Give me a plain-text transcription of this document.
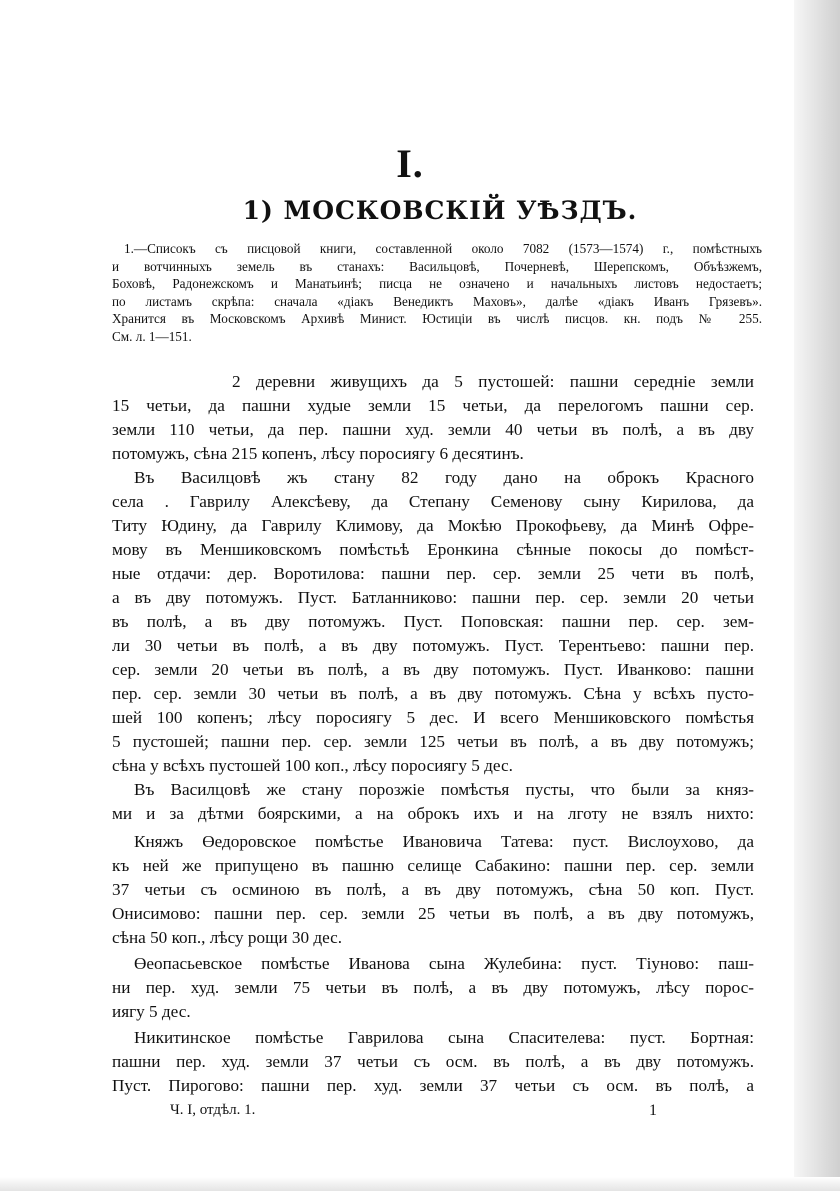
I.
1) МОСКОВСКІЙ УѢЗДЪ.
1.—Списокъ съ писцовой книги, составленной около 7082 (1573—1574) г., помѣстныхъ
и вотчинныхъ земель въ станахъ: Васильцовѣ, Почерневѣ, Шерепскомъ, Объѣзжемъ,
Боховѣ, Радонежскомъ и Манатьинѣ; писца не означено и начальныхъ листовъ недостаетъ;
по листамъ скрѣпа: сначала «діакъ Венедиктъ Маховъ», далѣе «діакъ Иванъ Грязевъ».
Хранится въ Московскомъ Архивѣ Минист. Юстиціи въ числѣ писцов. кн. подъ № 255.
См. л. 1—151.
2 деревни живущихъ да 5 пустошей: пашни середніе земли
15 четьи, да пашни худые земли 15 четьи, да перелогомъ пашни сер.
земли 110 четьи, да пер. пашни худ. земли 40 четьи въ полѣ, а въ дву
потомужъ, сѣна 215 копенъ, лѣсу поросиягу 6 десятинъ.
Въ Василцовѣ жъ стану 82 году дано на оброкъ Красного
села . Гаврилу Алексѣеву, да Степану Семенову сыну Кирилова, да
Титу Юдину, да Гаврилу Климову, да Мокѣю Прокофьеву, да Минѣ Офре-
мову въ Меншиковскомъ помѣстьѣ Еронкина сѣнные покосы до помѣст-
ные отдачи: дер. Воротилова: пашни пер. сер. земли 25 чети въ полѣ,
а въ дву потомужъ. Пуст. Батланниково: пашни пер. сер. земли 20 четьи
въ полѣ, а въ дву потомужъ. Пуст. Поповская: пашни пер. сер. зем-
ли 30 четьи въ полѣ, а въ дву потомужъ. Пуст. Терентьево: пашни пер.
сер. земли 20 четьи въ полѣ, а въ дву потомужъ. Пуст. Иванково: пашни
пер. сер. земли 30 четьи въ полѣ, а въ дву потомужъ. Сѣна у всѣхъ пусто-
шей 100 копенъ; лѣсу поросиягу 5 дес. И всего Меншиковского помѣстья
5 пустошей; пашни пер. сер. земли 125 четьи въ полѣ, а въ дву потомужъ;
сѣна у всѣхъ пустошей 100 коп., лѣсу поросиягу 5 дес.
Въ Василцовѣ же стану порозжіе помѣстья пусты, что были за княз-
ми и за дѣтми боярскими, а на оброкъ ихъ и на лготу не взялъ нихто:
Княжъ Өедоровское помѣстье Ивановича Татева: пуст. Вислоухово, да
къ ней же припущено въ пашню селище Сабакино: пашни пер. сер. земли
37 четьи съ осминою въ полѣ, а въ дву потомужъ, сѣна 50 коп. Пуст.
Онисимово: пашни пер. сер. земли 25 четьи въ полѣ, а въ дву потомужъ,
сѣна 50 коп., лѣсу рощи 30 дес.
Өеопасьевское помѣстье Иванова сына Жулебина: пуст. Тіуново: паш-
ни пер. худ. земли 75 четьи въ полѣ, а въ дву потомужъ, лѣсу порос-
иягу 5 дес.
Никитинское помѣстье Гаврилова сына Спасителева: пуст. Бортная:
пашни пер. худ. земли 37 четьи съ осм. въ полѣ, а въ дву потомужъ.
Пуст. Пирогово: пашни пер. худ. земли 37 четьи съ осм. въ полѣ, а
Ч. I, отдѣл. 1.	1
